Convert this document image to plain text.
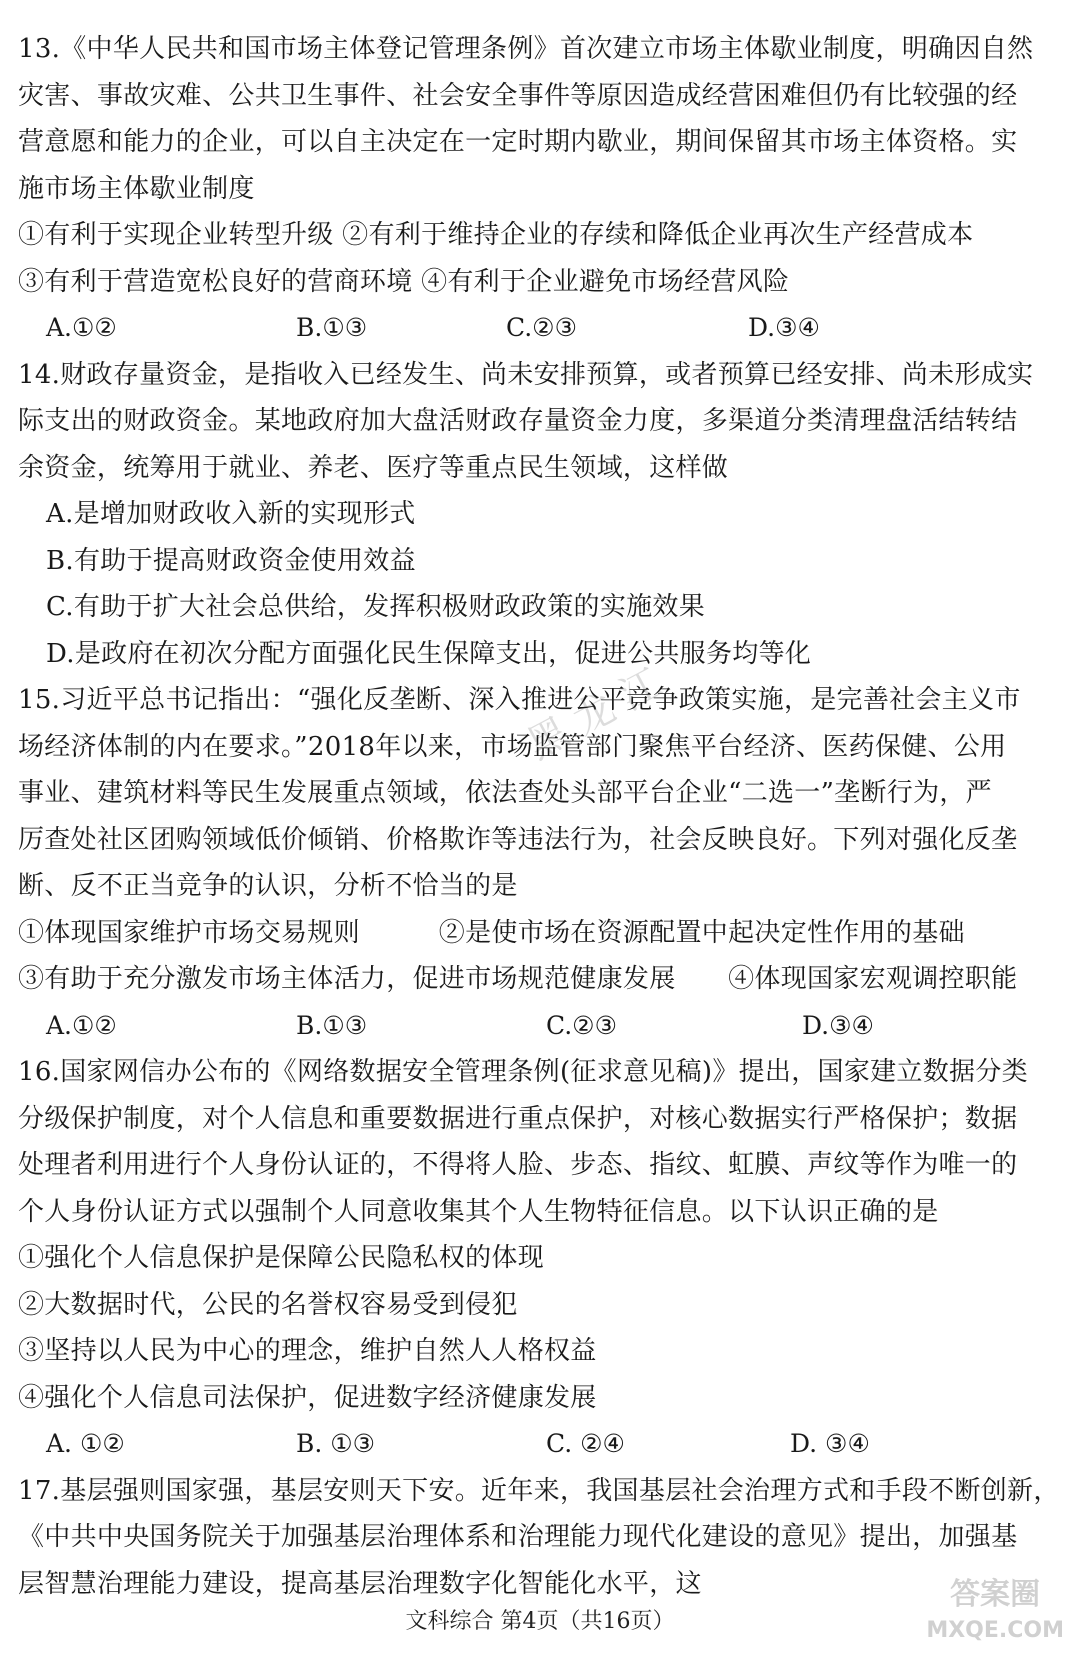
13.《中华人民共和国市场主体登记管理条例》首次建立市场主体歇业制度，明确因自然
灾害、事故灾难、公共卫生事件、社会安全事件等原因造成经营困难但仍有比较强的经
营意愿和能力的企业，可以自主决定在一定时期内歇业，期间保留其市场主体资格。实
施市场主体歇业制度
①有利于实现企业转型升级 ②有利于维持企业的存续和降低企业再次生产经营成本
③有利于营造宽松良好的营商环境 ④有利于企业避免市场经营风险
A.①②	B.①③	C.②③	D.③④
14.财政存量资金，是指收入已经发生、尚未安排预算，或者预算已经安排、尚未形成实
际支出的财政资金。某地政府加大盘活财政存量资金力度，多渠道分类清理盘活结转结
余资金，统筹用于就业、养老、医疗等重点民生领域，这样做
A.是增加财政收入新的实现形式
B.有助于提高财政资金使用效益
C.有助于扩大社会总供给，发挥积极财政政策的实施效果
D.是政府在初次分配方面强化民生保障支出，促进公共服务均等化
15.习近平总书记指出：“强化反垄断、深入推进公平竞争政策实施，是完善社会主义市
场经济体制的内在要求。”2018年以来，市场监管部门聚焦平台经济、医药保健、公用
事业、建筑材料等民生发展重点领域，依法查处头部平台企业“二选一”垄断行为，严
厉查处社区团购领域低价倾销、价格欺诈等违法行为，社会反映良好。下列对强化反垄
断、反不正当竞争的认识，分析不恰当的是
①体现国家维护市场交易规则　　　②是使市场在资源配置中起决定性作用的基础
③有助于充分激发市场主体活力，促进市场规范健康发展　　④体现国家宏观调控职能
A.①②	B.①③	C.②③	D.③④
16.国家网信办公布的《网络数据安全管理条例(征求意见稿)》提出，国家建立数据分类
分级保护制度，对个人信息和重要数据进行重点保护，对核心数据实行严格保护；数据
处理者利用进行个人身份认证的，不得将人脸、步态、指纹、虹膜、声纹等作为唯一的
个人身份认证方式以强制个人同意收集其个人生物特征信息。以下认识正确的是
①强化个人信息保护是保障公民隐私权的体现
②大数据时代，公民的名誉权容易受到侵犯
③坚持以人民为中心的理念，维护自然人人格权益
④强化个人信息司法保护，促进数字经济健康发展
A. ①②	B. ①③	C. ②④	D. ③④
17.基层强则国家强，基层安则天下安。近年来，我国基层社会治理方式和手段不断创新，
《中共中央国务院关于加强基层治理体系和治理能力现代化建设的意见》提出，加强基
层智慧治理能力建设，提高基层治理数字化智能化水平，这
黑龙江
文科综合 第4页（共16页）
答案圈
MXQE.COM
